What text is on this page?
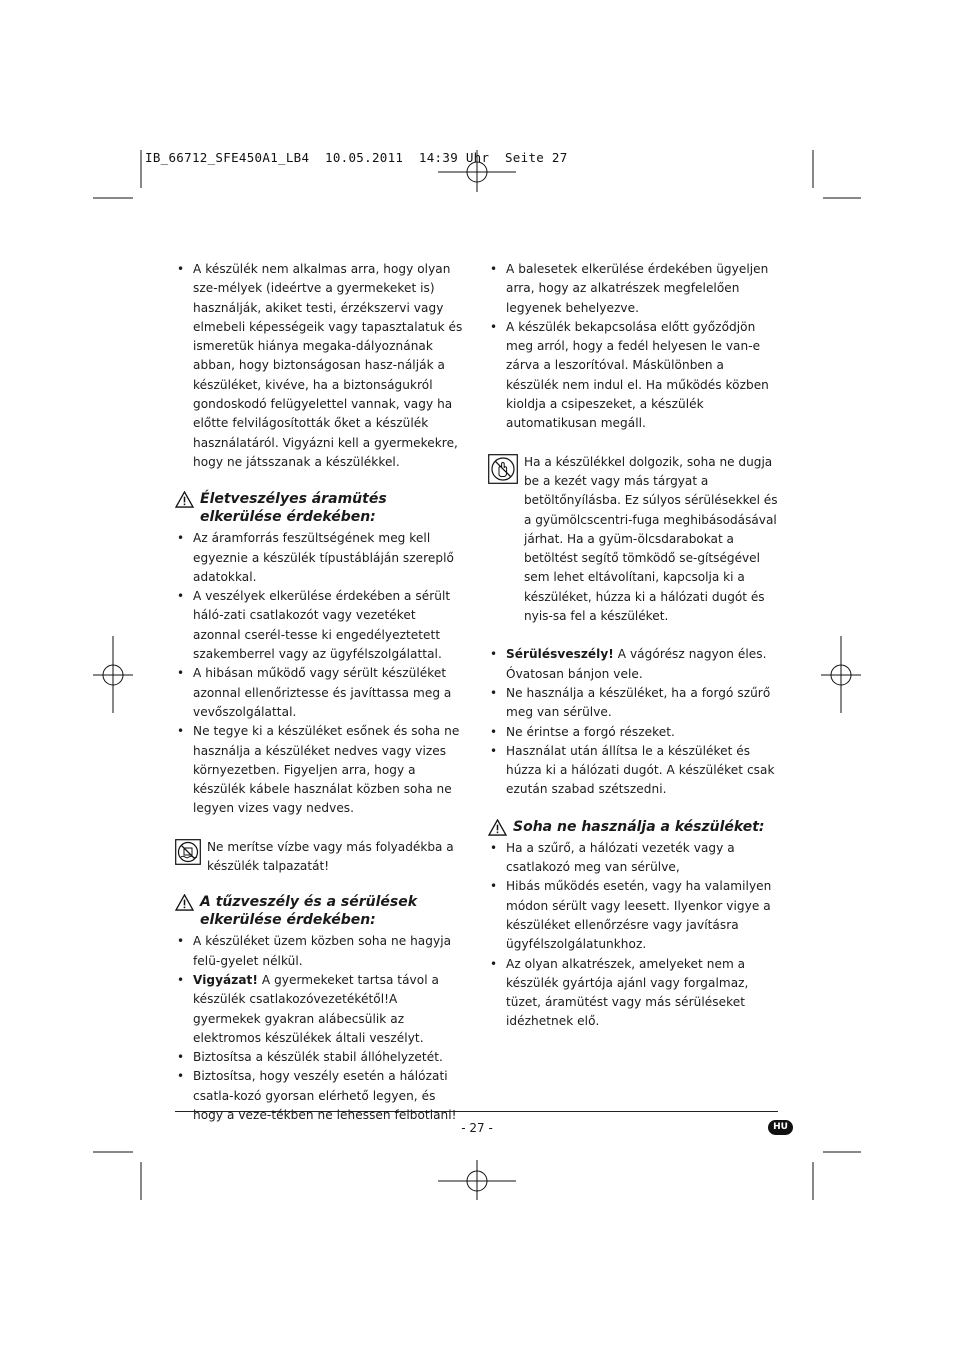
IB_66712_SFE450A1_LB4  10.05.2011  14:39 Uhr  Seite 27
• A készülék nem alkalmas arra, hogy olyan sze-mélyek (ideértve a gyermekeket is) használják, akiket testi, érzékszervi vagy elmebeli képességeik vagy tapasztalatuk és ismeretük hiánya megaka-dályoznának abban, hogy biztonságosan hasz-nálják a készüléket, kivéve, ha a biztonságukról gondoskodó felügyelettel vannak, vagy ha előtte felvilágosították őket a készülék használatáról. Vigyázni kell a gyermekekre, hogy ne játsszanak a készülékkel.
Életveszélyes áramütés elkerülése érdekében:
• Az áramforrás feszültségének meg kell egyeznie a készülék típustábláján szereplő adatokkal.
• A veszélyek elkerülése érdekében a sérült háló-zati csatlakozót vagy vezetéket azonnal cserél-tesse ki engedélyeztetett szakemberrel vagy az ügyfélszolgálattal.
• A hibásan működő vagy sérült készüléket azonnal ellenőriztesse és javíttassa meg a vevőszolgálattal.
• Ne tegye ki a készüléket esőnek és soha ne használja a készüléket nedves vagy vizes környezetben. Figyeljen arra, hogy a készülék kábele használat közben soha ne legyen vizes vagy nedves.
Ne merítse vízbe vagy más folyadékba a készülék talpazatát!
A tűzveszély és a sérülések elkerülése érdekében:
• A készüléket üzem közben soha ne hagyja felü-gyelet nélkül.
• Vigyázat! A gyermekeket tartsa távol a készülék csatlakozóvezetékétől!A gyermekek gyakran alábecsülik az elektromos készülékek általi veszélyt.
• Biztosítsa a készülék stabil állóhelyzetét.
• Biztosítsa, hogy veszély esetén a hálózati csatla-kozó gyorsan elérhető legyen, és hogy a veze-tékben ne lehessen felbotlani!
• A balesetek elkerülése érdekében ügyeljen arra, hogy az alkatrészek megfelelően legyenek behelyezve.
• A készülék bekapcsolása előtt győződjön meg arról, hogy a fedél helyesen le van-e zárva a leszorítóval. Máskülönben a készülék nem indul el. Ha működés közben kioldja a csipeszeket, a készülék automatikusan megáll.
Ha a készülékkel dolgozik, soha ne dugja be a kezét vagy más tárgyat a betöltőnyílásba. Ez súlyos sérülésekkel és a gyümölcscentri-fuga meghibásodásával járhat. Ha a gyüm-ölcsdarabokat a betöltést segítő tömködő se-gítségével sem lehet eltávolítani, kapcsolja ki a készüléket, húzza ki a hálózati dugót és nyis-sa fel a készüléket.
• Sérülésveszély! A vágórész nagyon éles. Óvatosan bánjon vele.
• Ne használja a készüléket, ha a forgó szűrő meg van sérülve.
• Ne érintse a forgó részeket.
• Használat után állítsa le a készüléket és húzza ki a hálózati dugót. A készüléket csak ezután szabad szétszedni.
Soha ne használja a készüléket:
• Ha a szűrő, a hálózati vezeték vagy a csatlakozó meg van sérülve,
• Hibás működés esetén, vagy ha valamilyen módon sérült vagy leesett. Ilyenkor vigye a készüléket ellenőrzésre vagy javításra ügyfélszolgálatunkhoz.
• Az olyan alkatrészek, amelyeket nem a készülék gyártója ajánl vagy forgalmaz, tüzet, áramütést vagy más sérüléseket idézhetnek elő.
- 27 -	HU
